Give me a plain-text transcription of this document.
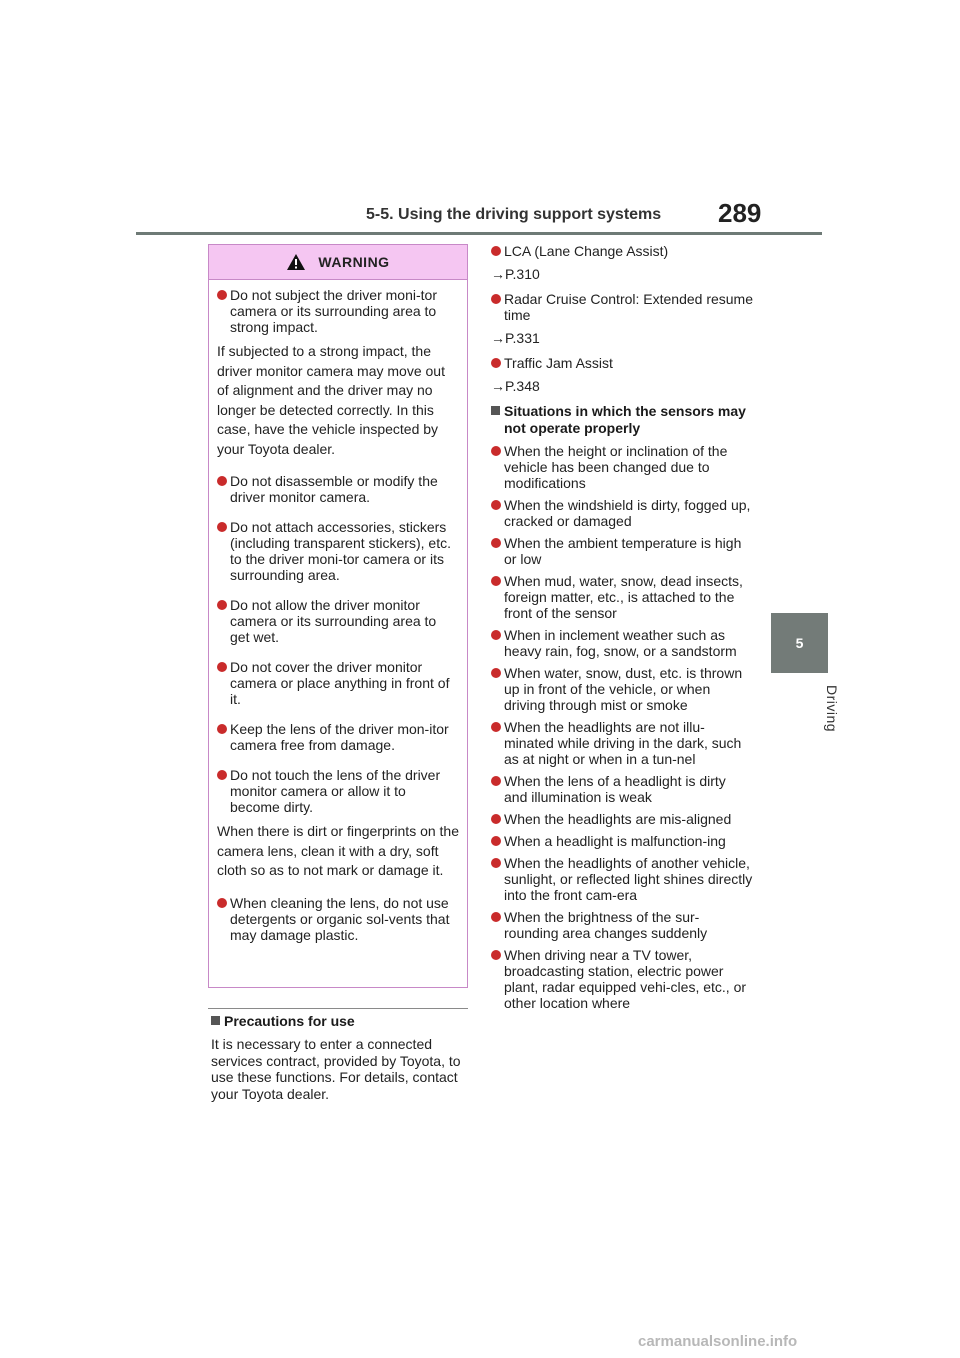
5-5. Using the driving support systems 289
5
Driving
WARNING
Do not subject the driver moni-tor camera or its surrounding area to strong impact.
If subjected to a strong impact, the driver monitor camera may move out of alignment and the driver may no longer be detected correctly. In this case, have the vehicle inspected by your Toyota dealer.
Do not disassemble or modify the driver monitor camera.
Do not attach accessories, stickers (including transparent stickers), etc. to the driver moni-tor camera or its surrounding area.
Do not allow the driver monitor camera or its surrounding area to get wet.
Do not cover the driver monitor camera or place anything in front of it.
Keep the lens of the driver mon-itor camera free from damage.
Do not touch the lens of the driver monitor camera or allow it to become dirty.
When there is dirt or fingerprints on the camera lens, clean it with a dry, soft cloth so as to not mark or damage it.
When cleaning the lens, do not use detergents or organic sol-vents that may damage plastic.
Precautions for use
It is necessary to enter a connected services contract, provided by Toyota, to use these functions. For details, contact your Toyota dealer.
LCA (Lane Change Assist)
→P.310
Radar Cruise Control: Extended resume time
→P.331
Traffic Jam Assist
→P.348
Situations in which the sensors may not operate properly
When the height or inclination of the vehicle has been changed due to modifications
When the windshield is dirty, fogged up, cracked or damaged
When the ambient temperature is high or low
When mud, water, snow, dead insects, foreign matter, etc., is attached to the front of the sensor
When in inclement weather such as heavy rain, fog, snow, or a sandstorm
When water, snow, dust, etc. is thrown up in front of the vehicle, or when driving through mist or smoke
When the headlights are not illu-minated while driving in the dark, such as at night or when in a tun-nel
When the lens of a headlight is dirty and illumination is weak
When the headlights are mis-aligned
When a headlight is malfunction-ing
When the headlights of another vehicle, sunlight, or reflected light shines directly into the front cam-era
When the brightness of the sur-rounding area changes suddenly
When driving near a TV tower, broadcasting station, electric power plant, radar equipped vehi-cles, etc., or other location where
carmanualsonline.info
